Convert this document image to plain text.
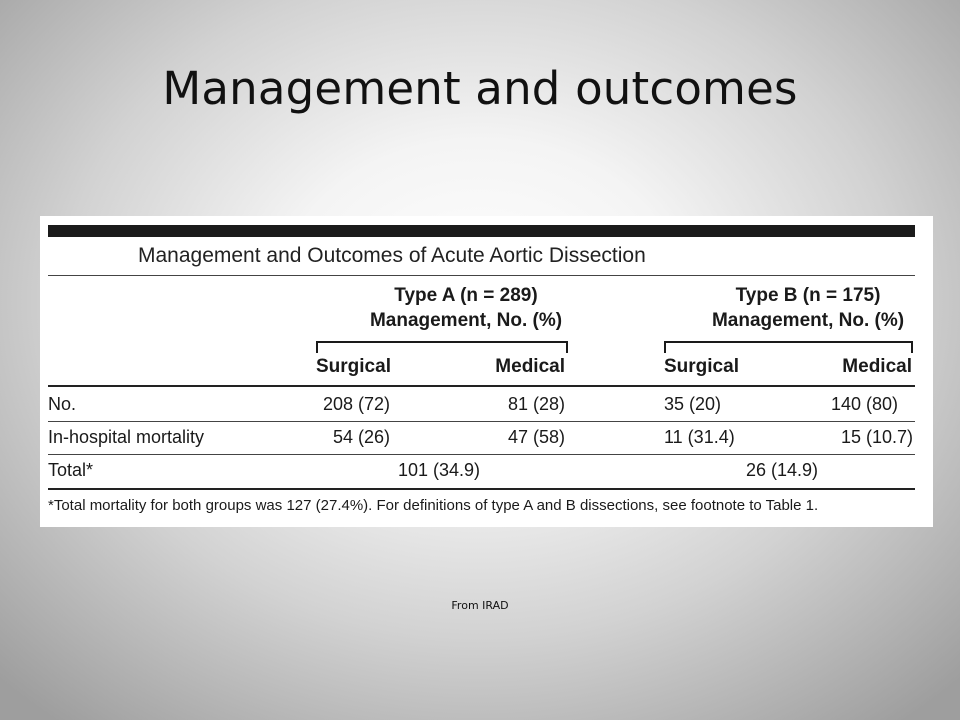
Management and outcomes
Management and Outcomes of Acute Aortic Dissection
Type A (n = 289)
Management, No. (%)
Type B (n = 175)
Management, No. (%)
Surgical	Medical	Surgical	Medical
No.	208 (72)	81 (28)	35 (20)	140 (80)
In-hospital mortality	54 (26)	47 (58)	11 (31.4)	15 (10.7)
Total*	101 (34.9)	26 (14.9)
*Total mortality for both groups was 127 (27.4%). For definitions of type A and B dissections, see footnote to Table 1.
From IRAD
